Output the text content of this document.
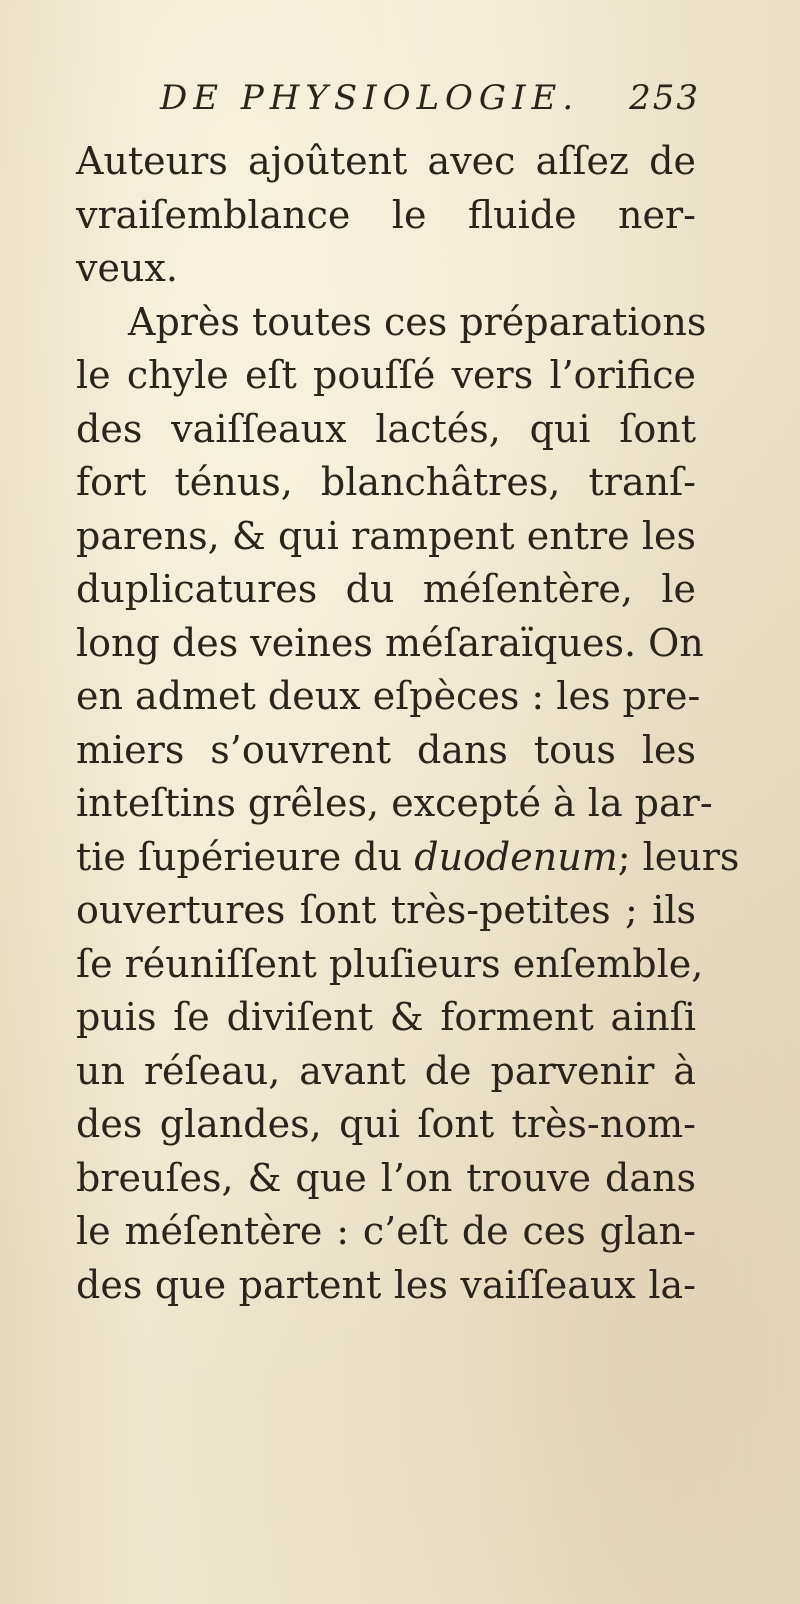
DE PHYSIOLOGIE. 253
Auteurs ajoûtent avec aſſez de
vraiſemblance le fluide ner-
veux.
Après toutes ces préparations
le chyle eſt pouſſé vers l’orifice
des vaiſſeaux lactés, qui ſont
fort ténus, blanchâtres, tranſ-
parens, & qui rampent entre les
duplicatures du méſentère, le
long des veines méſaraïques. On
en admet deux eſpèces : les pre-
miers s’ouvrent dans tous les
inteſtins grêles, excepté à la par-
tie ſupérieure du duodenum; leurs
ouvertures ſont très-petites ; ils
ſe réuniſſent pluſieurs enſemble,
puis ſe diviſent & forment ainſi
un réſeau, avant de parvenir à
des glandes, qui ſont très-nom-
breuſes, & que l’on trouve dans
le méſentère : c’eſt de ces glan-
des que partent les vaiſſeaux la-
